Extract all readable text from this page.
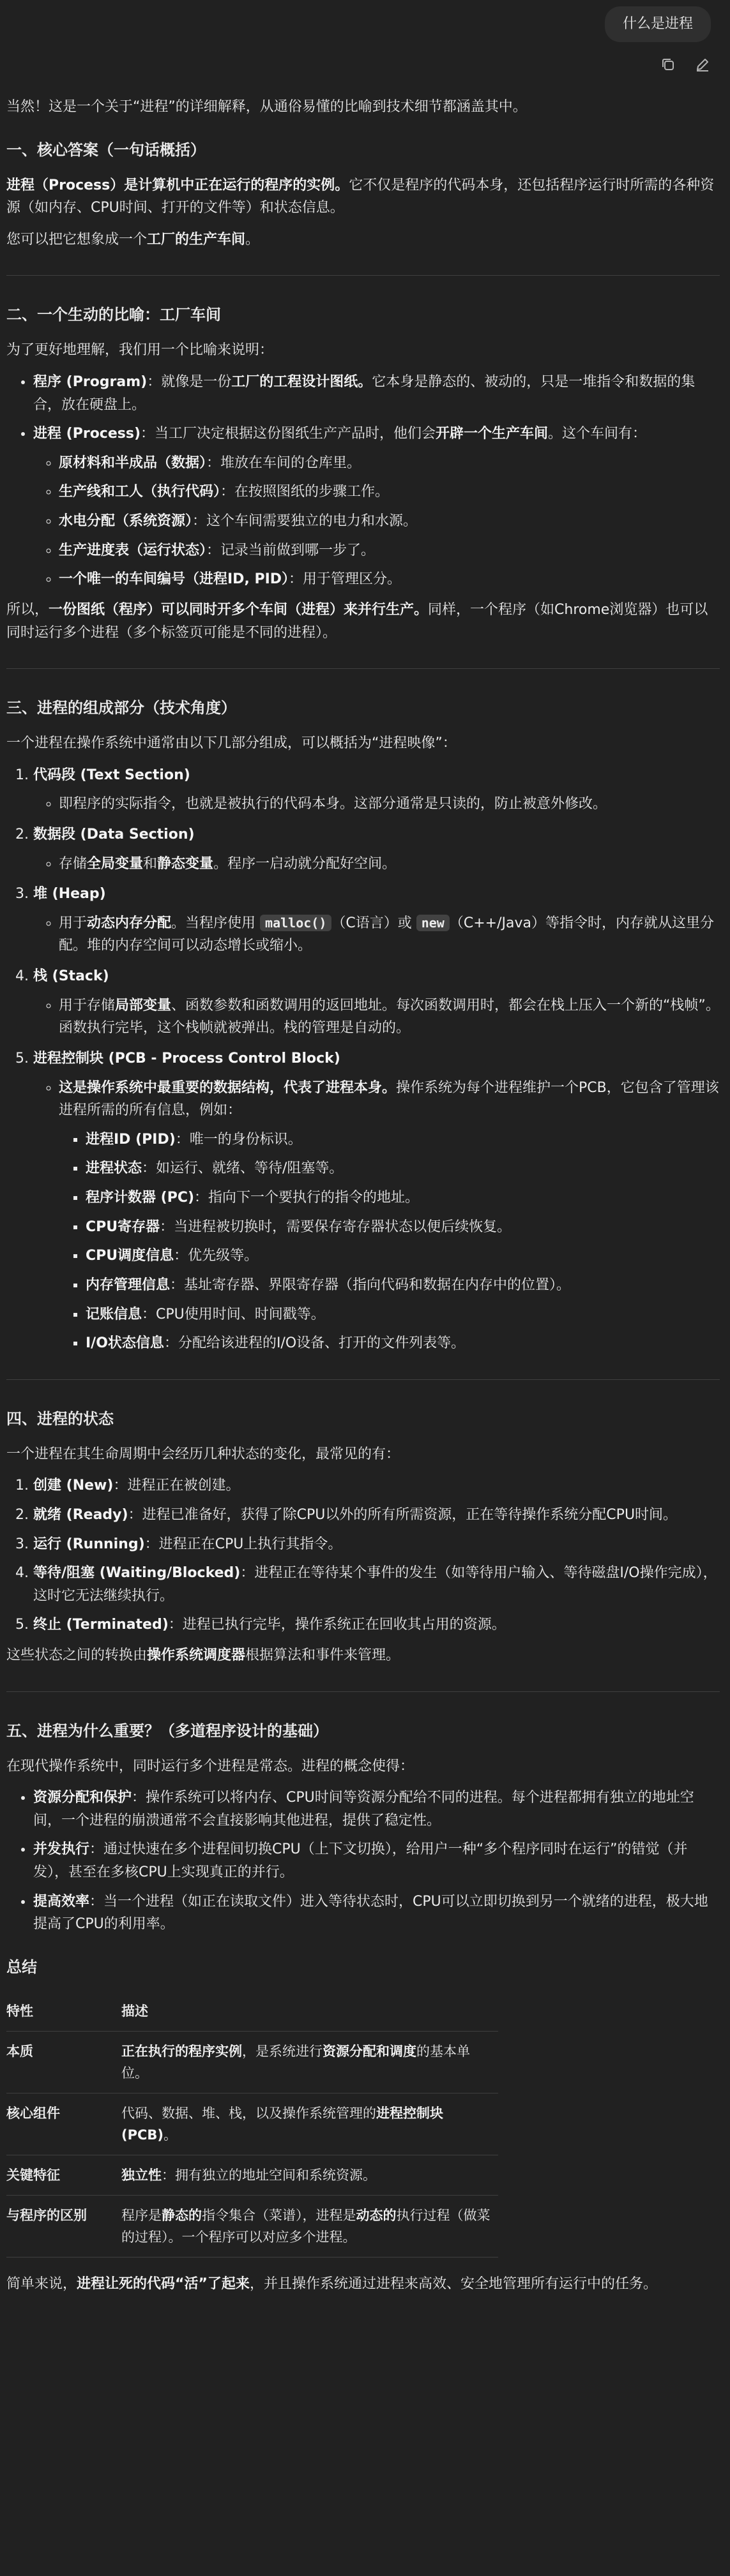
什么是进程

当然！这是一个关于“进程”的详细解释，从通俗易懂的比喻到技术细节都涵盖其中。

一、核心答案（一句话概括）

进程（Process）是计算机中正在运行的程序的实例。它不仅是程序的代码本身，还包括程序运行时所需的各种资源（如内存、CPU时间、打开的文件等）和状态信息。

您可以把它想象成一个工厂的生产车间。

二、一个生动的比喻：工厂车间

为了更好地理解，我们用一个比喻来说明：

• 程序 (Program)：就像是一份工厂的工程设计图纸。它本身是静态的、被动的，只是一堆指令和数据的集合，放在硬盘上。
• 进程 (Process)：当工厂决定根据这份图纸生产产品时，他们会开辟一个生产车间。这个车间有：
◦ 原材料和半成品（数据）：堆放在车间的仓库里。
◦ 生产线和工人（执行代码）：在按照图纸的步骤工作。
◦ 水电分配（系统资源）：这个车间需要独立的电力和水源。
◦ 生产进度表（运行状态）：记录当前做到哪一步了。
◦ 一个唯一的车间编号（进程ID, PID）：用于管理区分。

所以，一份图纸（程序）可以同时开多个车间（进程）来并行生产。同样，一个程序（如Chrome浏览器）也可以同时运行多个进程（多个标签页可能是不同的进程）。

三、进程的组成部分（技术角度）

一个进程在操作系统中通常由以下几部分组成，可以概括为“进程映像”：

1. 代码段 (Text Section)
◦ 即程序的实际指令，也就是被执行的代码本身。这部分通常是只读的，防止被意外修改。
2. 数据段 (Data Section)
◦ 存储全局变量和静态变量。程序一启动就分配好空间。
3. 堆 (Heap)
◦ 用于动态内存分配。当程序使用 malloc() （C语言）或 new （C++/Java）等指令时，内存就从这里分配。堆的内存空间可以动态增长或缩小。
4. 栈 (Stack)
◦ 用于存储局部变量、函数参数和函数调用的返回地址。每次函数调用时，都会在栈上压入一个新的“栈帧”。函数执行完毕，这个栈帧就被弹出。栈的管理是自动的。
5. 进程控制块 (PCB - Process Control Block)
◦ 这是操作系统中最重要的数据结构，代表了进程本身。操作系统为每个进程维护一个PCB，它包含了管理该进程所需的所有信息，例如：
▪ 进程ID (PID)：唯一的身份标识。
▪ 进程状态：如运行、就绪、等待/阻塞等。
▪ 程序计数器 (PC)：指向下一个要执行的指令的地址。
▪ CPU寄存器：当进程被切换时，需要保存寄存器状态以便后续恢复。
▪ CPU调度信息：优先级等。
▪ 内存管理信息：基址寄存器、界限寄存器（指向代码和数据在内存中的位置）。
▪ 记账信息：CPU使用时间、时间戳等。
▪ I/O状态信息：分配给该进程的I/O设备、打开的文件列表等。
四、进程的状态

一个进程在其生命周期中会经历几种状态的变化，最常见的有：

1. 创建 (New)：进程正在被创建。
2. 就绪 (Ready)：进程已准备好，获得了除CPU以外的所有所需资源，正在等待操作系统分配CPU时间。
3. 运行 (Running)：进程正在CPU上执行其指令。
4. 等待/阻塞 (Waiting/Blocked)：进程正在等待某个事件的发生（如等待用户输入、等待磁盘I/O操作完成），这时它无法继续执行。
5. 终止 (Terminated)：进程已执行完毕，操作系统正在回收其占用的资源。

这些状态之间的转换由操作系统调度器根据算法和事件来管理。

五、进程为什么重要？（多道程序设计的基础）

在现代操作系统中，同时运行多个进程是常态。进程的概念使得：

• 资源分配和保护：操作系统可以将内存、CPU时间等资源分配给不同的进程。每个进程都拥有独立的地址空间，一个进程的崩溃通常不会直接影响其他进程，提供了稳定性。
• 并发执行：通过快速在多个进程间切换CPU（上下文切换），给用户一种“多个程序同时在运行”的错觉（并发），甚至在多核CPU上实现真正的并行。
• 提高效率：当一个进程（如正在读取文件）进入等待状态时，CPU可以立即切换到另一个就绪的进程，极大地提高了CPU的利用率。
总结
特性	描述
本质	正在执行的程序实例，是系统进行资源分配和调度的基本单位。
核心组件	代码、数据、堆、栈，以及操作系统管理的进程控制块 (PCB)。
关键特征	独立性：拥有独立的地址空间和系统资源。
与程序的区别	程序是静态的指令集合（菜谱），进程是动态的执行过程（做菜的过程）。一个程序可以对应多个进程。

简单来说，进程让死的代码“活”了起来，并且操作系统通过进程来高效、安全地管理所有运行中的任务。
